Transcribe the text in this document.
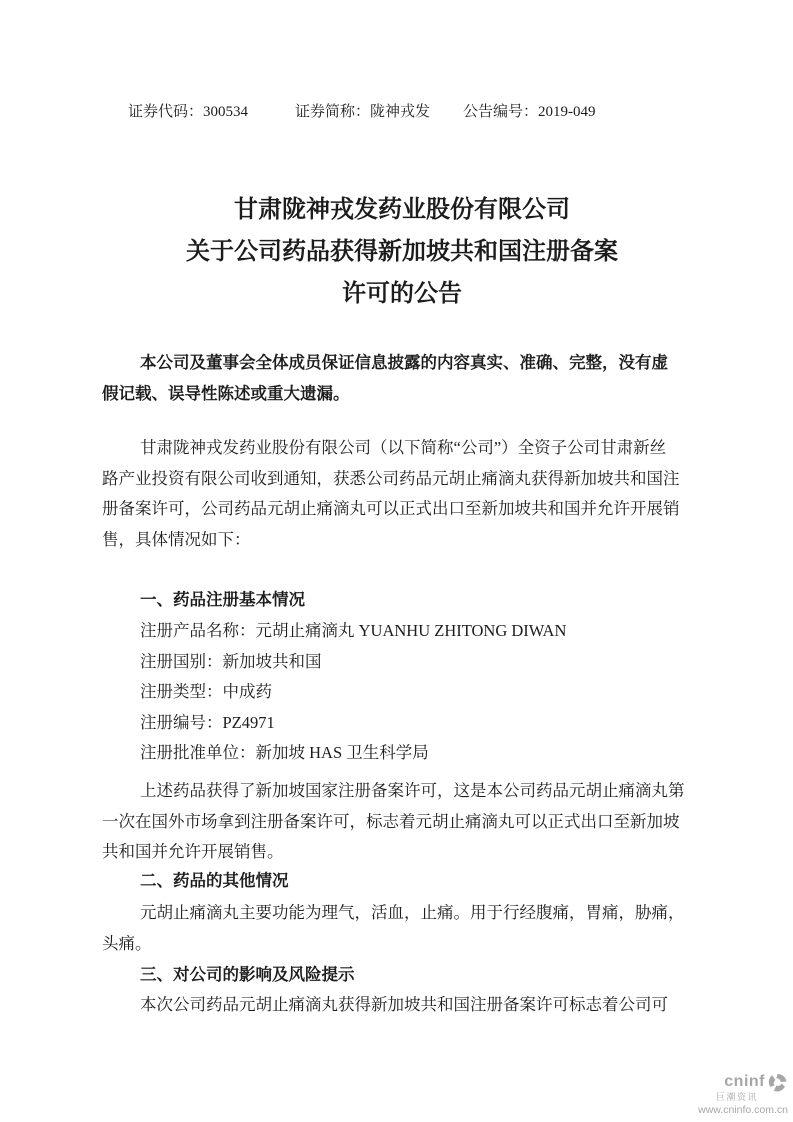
证券代码：300534	证券简称：陇神戎发 公告编号：2019-049
甘肃陇神戎发药业股份有限公司
关于公司药品获得新加坡共和国注册备案
许可的公告
本公司及董事会全体成员保证信息披露的内容真实、准确、完整，没有虚
假记载、误导性陈述或重大遗漏。
甘肃陇神戎发药业股份有限公司（以下简称“公司”）全资子公司甘肃新丝
路产业投资有限公司收到通知，获悉公司药品元胡止痛滴丸获得新加坡共和国注
册备案许可，公司药品元胡止痛滴丸可以正式出口至新加坡共和国并允许开展销
售，具体情况如下：
一、药品注册基本情况
注册产品名称：元胡止痛滴丸 YUANHU ZHITONG DIWAN
注册国别：新加坡共和国
注册类型：中成药
注册编号：PZ4971
注册批准单位：新加坡 HAS 卫生科学局
上述药品获得了新加坡国家注册备案许可，这是本公司药品元胡止痛滴丸第
一次在国外市场拿到注册备案许可，标志着元胡止痛滴丸可以正式出口至新加坡
共和国并允许开展销售。
二、药品的其他情况
元胡止痛滴丸主要功能为理气，活血，止痛。用于行经腹痛，胃痛，胁痛，
头痛。
三、对公司的影响及风险提示
本次公司药品元胡止痛滴丸获得新加坡共和国注册备案许可标志着公司可
cninf
巨潮资讯
www.cninfo.com.cn
